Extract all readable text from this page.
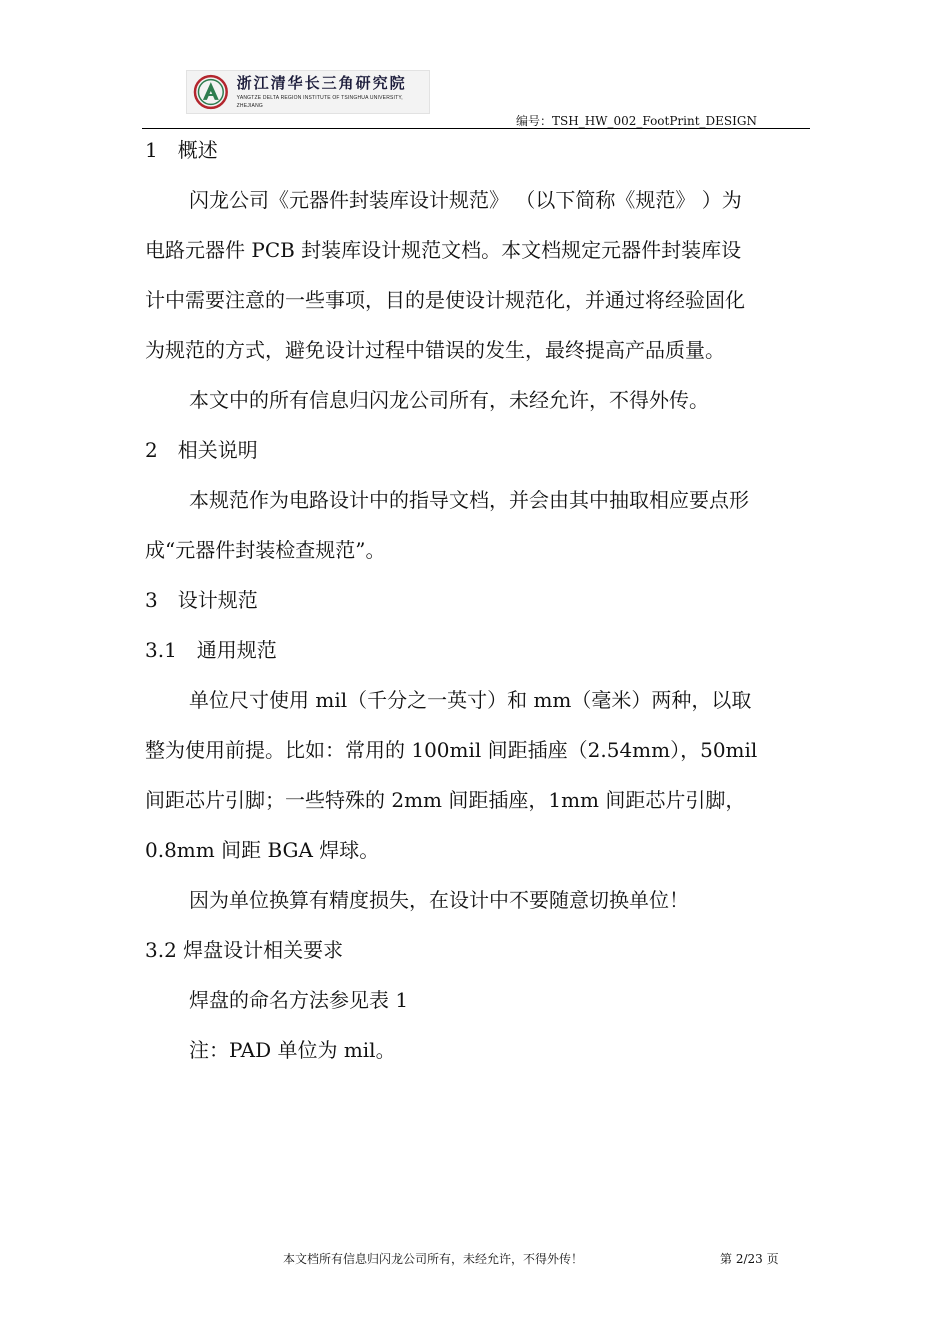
浙江清华长三角研究院
YANGTZE DELTA REGION INSTITUTE OF TSINGHUA UNIVERSITY, ZHEJIANG
编号：TSH_HW_002_FootPrint_DESIGN
1　概述
闪龙公司《元器件封装库设计规范》 （以下简称《规范》 ）为
电路元器件 PCB 封装库设计规范文档。本文档规定元器件封装库设
计中需要注意的一些事项，目的是使设计规范化，并通过将经验固化
为规范的方式，避免设计过程中错误的发生，最终提高产品质量。
本文中的所有信息归闪龙公司所有，未经允许，不得外传。
2　相关说明
本规范作为电路设计中的指导文档，并会由其中抽取相应要点形
成“元器件封装检查规范”。
3　设计规范
3.1　通用规范
单位尺寸使用 mil（千分之一英寸）和 mm（毫米）两种，以取
整为使用前提。比如：常用的 100mil 间距插座（2.54mm），50mil
间距芯片引脚；一些特殊的 2mm 间距插座，1mm 间距芯片引脚，
0.8mm 间距 BGA 焊球。
因为单位换算有精度损失，在设计中不要随意切换单位！
3.2 焊盘设计相关要求
焊盘的命名方法参见表 1
注：PAD 单位为 mil。
本文档所有信息归闪龙公司所有，未经允许，不得外传！	第 2/23 页
